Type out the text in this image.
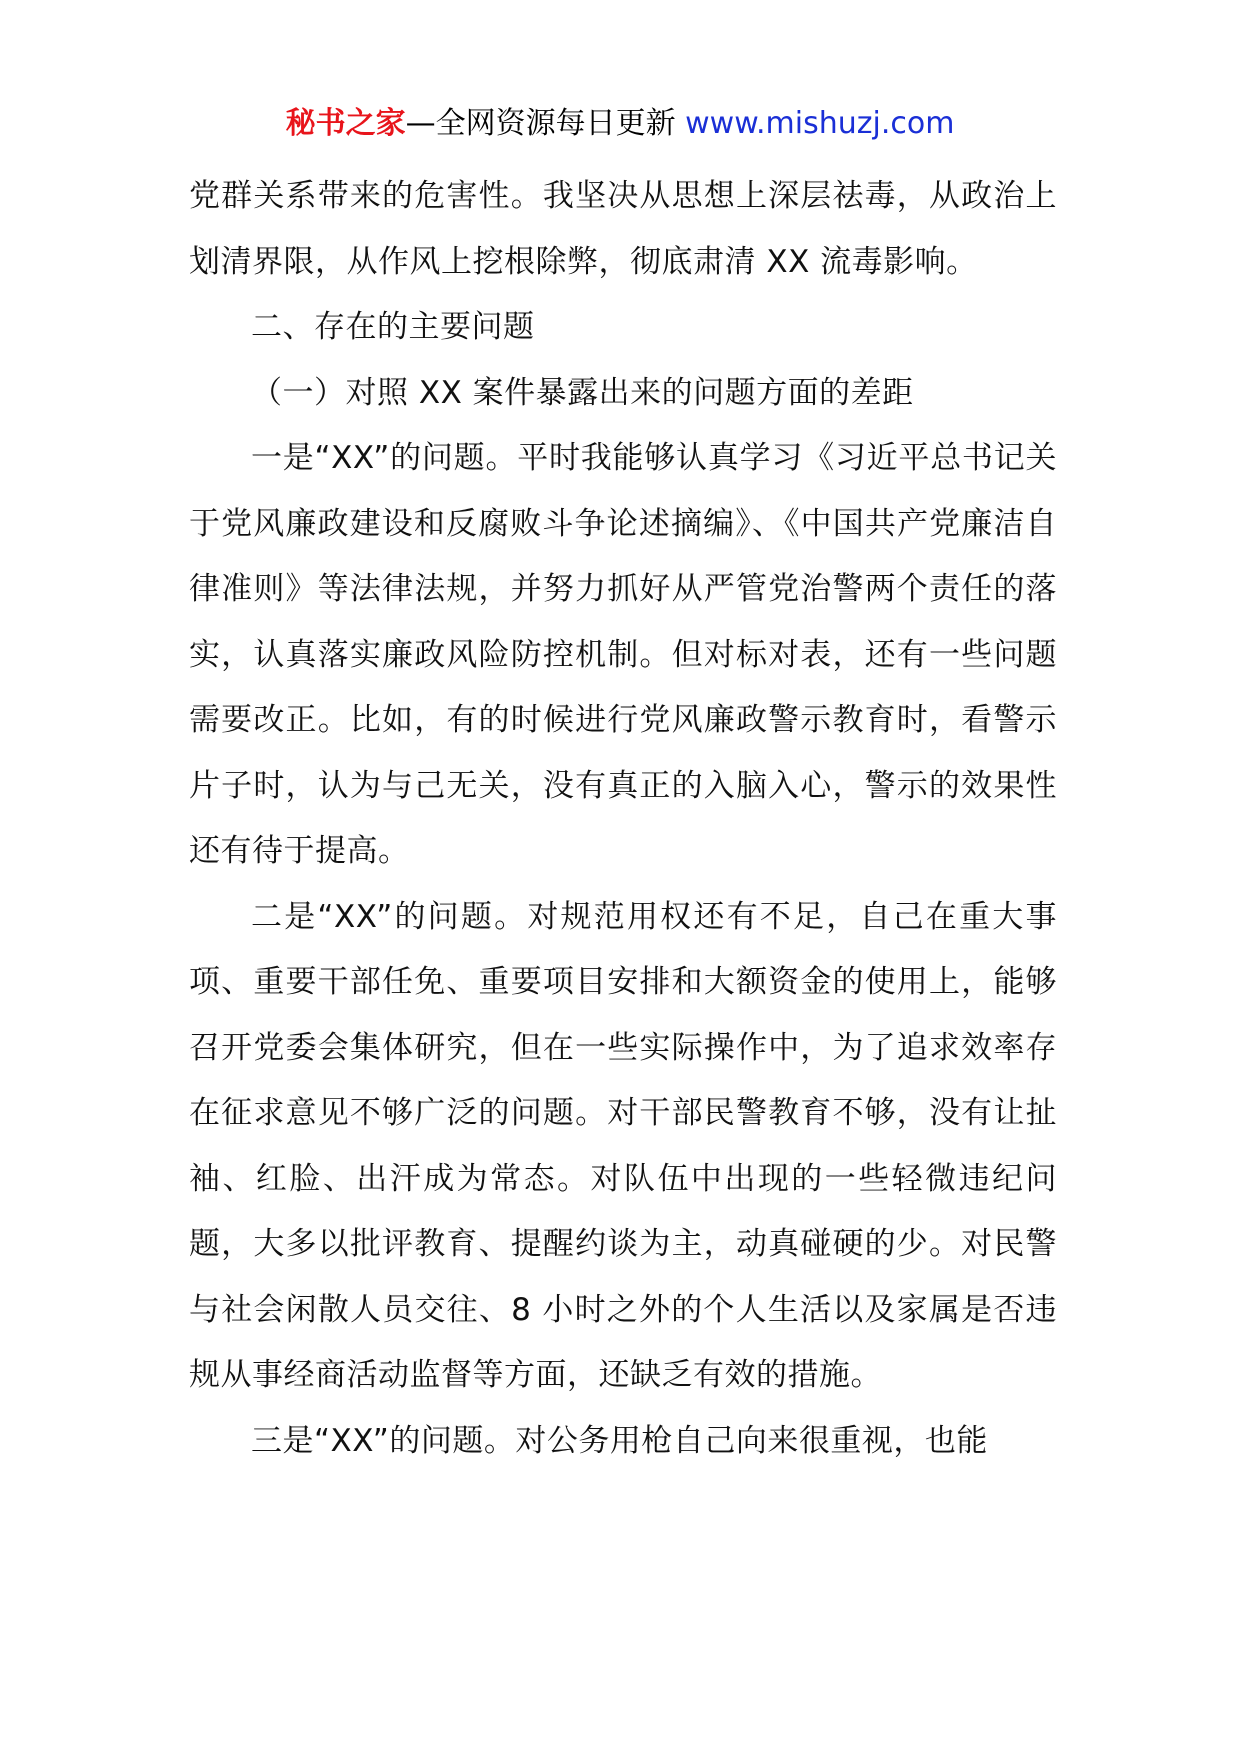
秘书之家—全网资源每日更新 www.mishuzj.com

党群关系带来的危害性。我坚决从思想上深层祛毒，从政治上划清界限，从作风上挖根除弊，彻底肃清 XX 流毒影响。

二、存在的主要问题

（一）对照 XX 案件暴露出来的问题方面的差距

一是“XX”的问题。平时我能够认真学习《习近平总书记关于党风廉政建设和反腐败斗争论述摘编》、《中国共产党廉洁自律准则》等法律法规，并努力抓好从严管党治警两个责任的落实，认真落实廉政风险防控机制。但对标对表，还有一些问题需要改正。比如，有的时候进行党风廉政警示教育时，看警示片子时，认为与己无关，没有真正的入脑入心，警示的效果性还有待于提高。

二是“XX”的问题。对规范用权还有不足，自己在重大事项、重要干部任免、重要项目安排和大额资金的使用上，能够召开党委会集体研究，但在一些实际操作中，为了追求效率存在征求意见不够广泛的问题。对干部民警教育不够，没有让扯袖、红脸、出汗成为常态。对队伍中出现的一些轻微违纪问题，大多以批评教育、提醒约谈为主，动真碰硬的少。对民警与社会闲散人员交往、8 小时之外的个人生活以及家属是否违规从事经商活动监督等方面，还缺乏有效的措施。

三是“XX”的问题。对公务用枪自己向来很重视，也能
